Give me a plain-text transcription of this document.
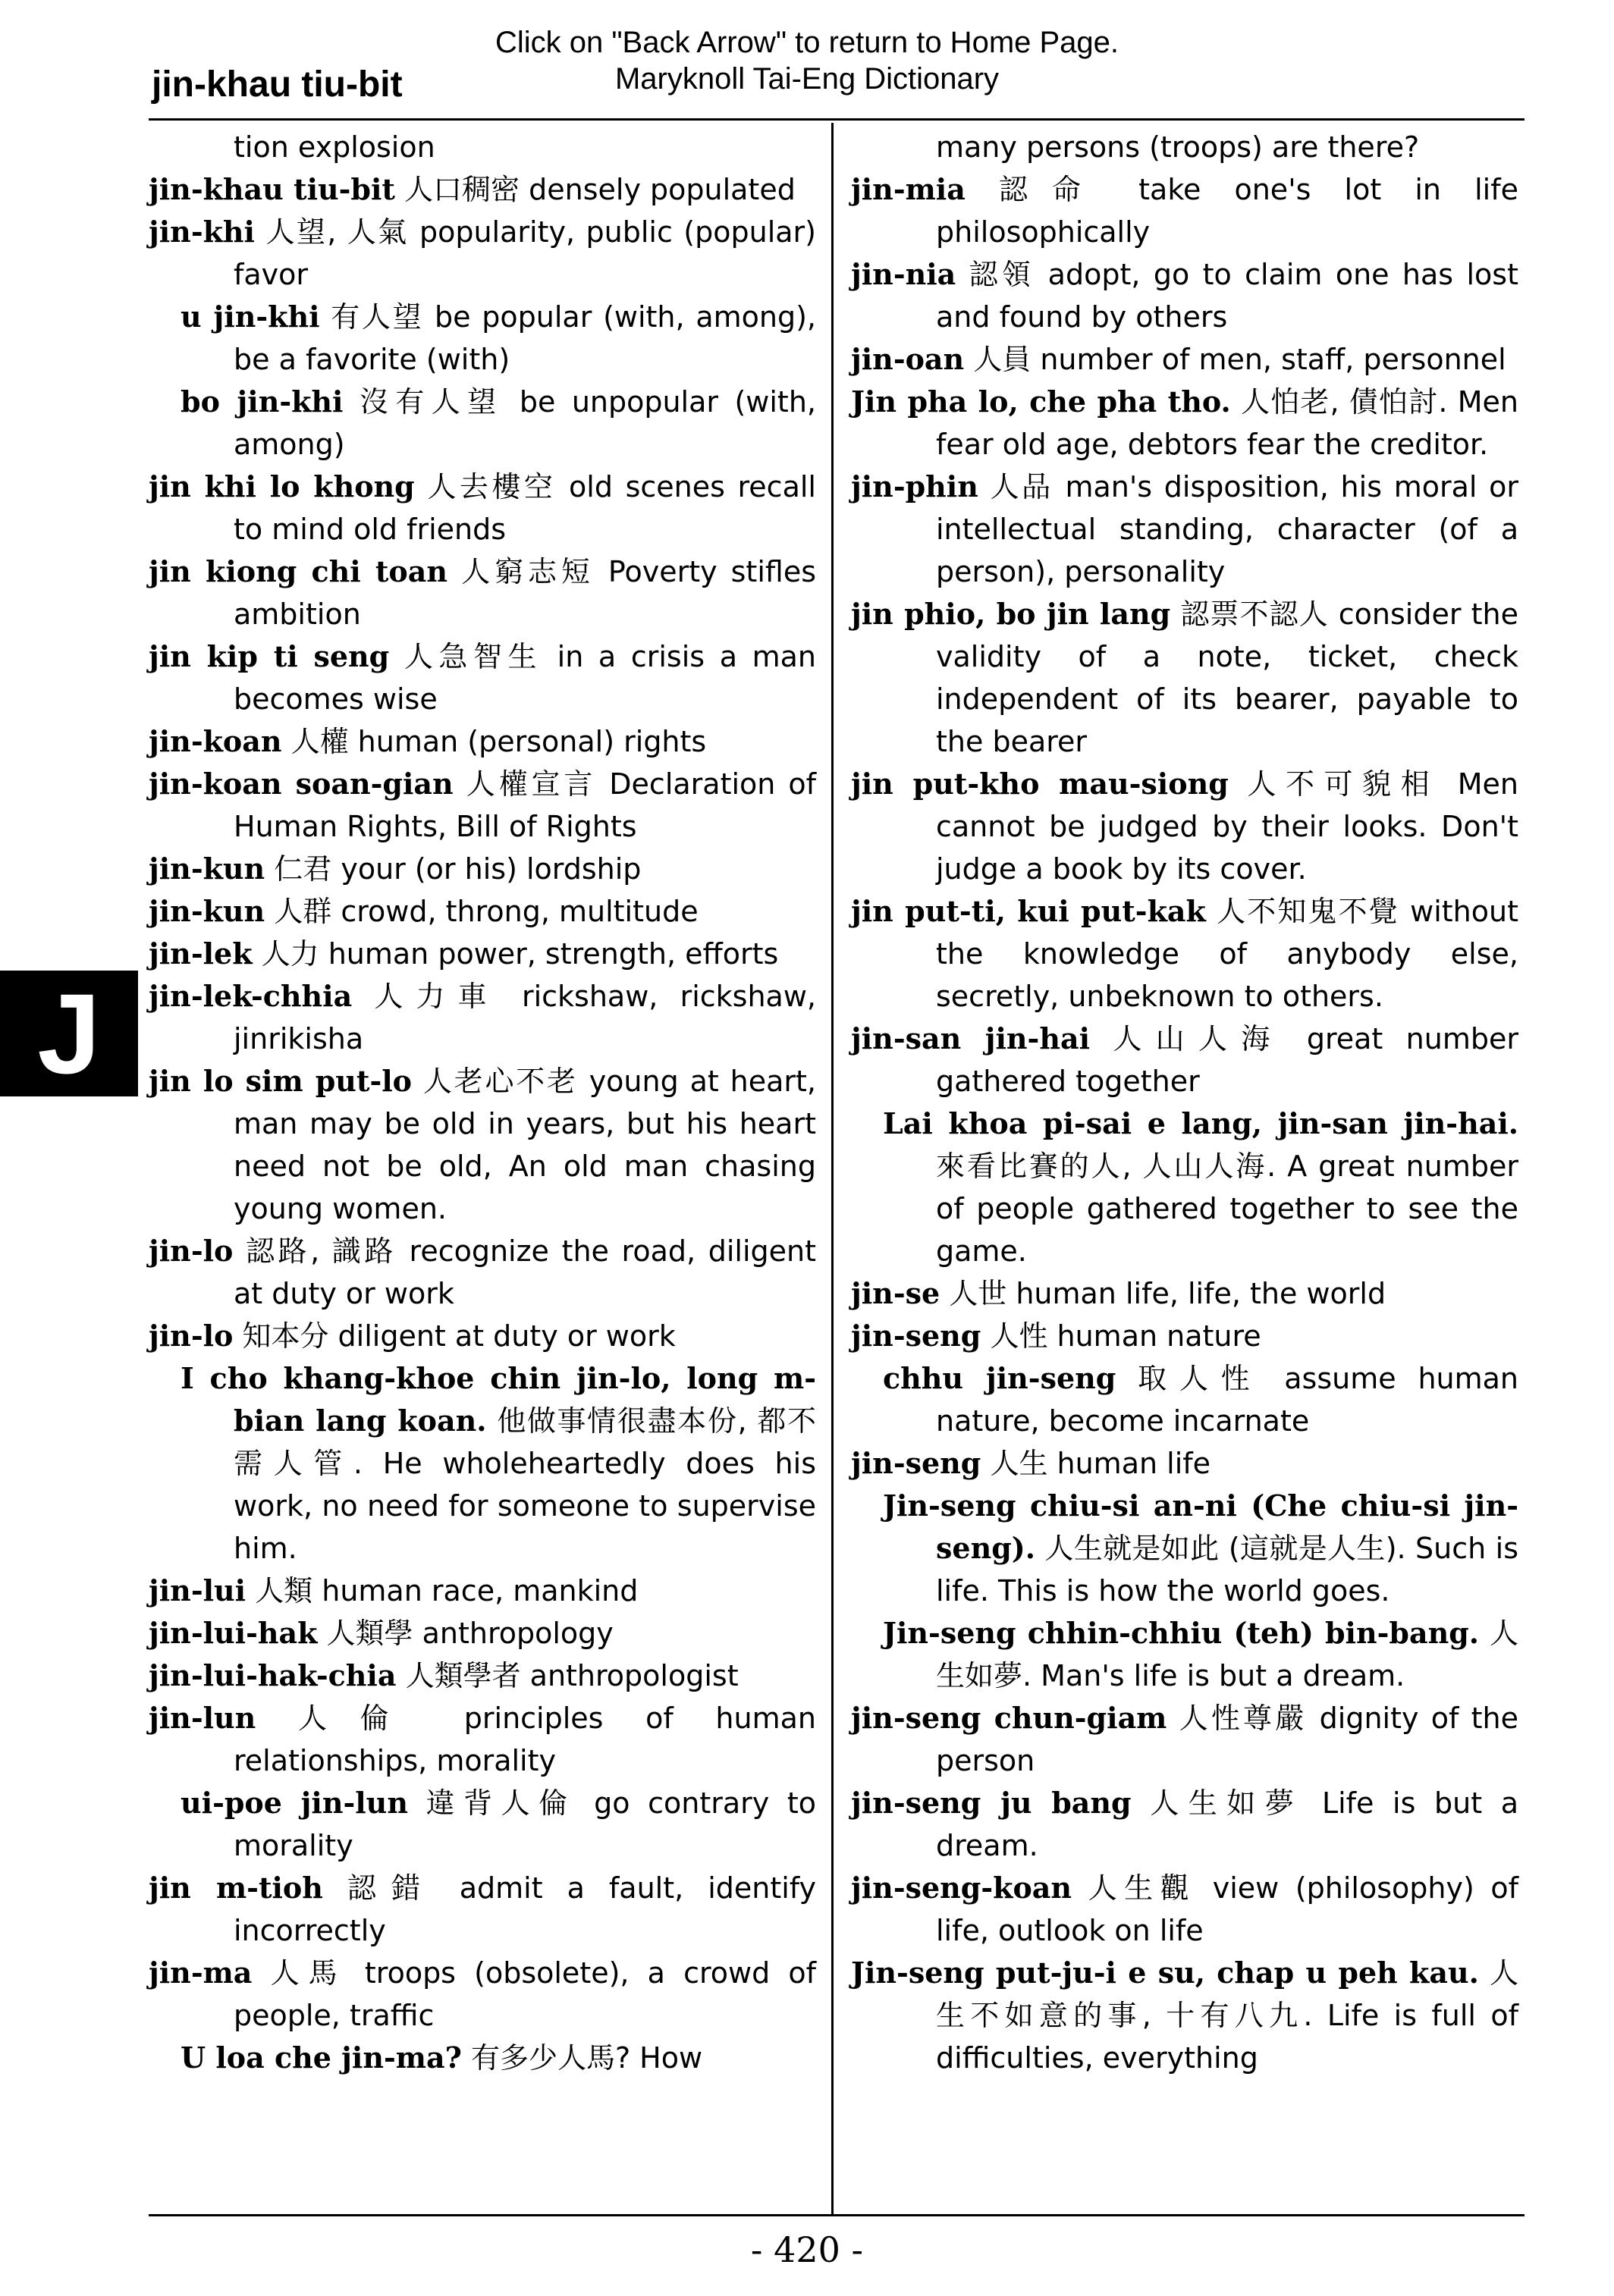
Click on "Back Arrow" to return to Home Page.
Maryknoll Tai-Eng Dictionary
jin-khau tiu-bit
J

tion explosion

jin-khau tiu-bit 人口稠密 densely populated

jin-khi 人望, 人氣 popularity, public (popular) favor

u jin-khi 有人望 be popular (with, among), be a favorite (with)

bo jin-khi 沒有人望 be unpopular (with, among)

jin khi lo khong 人去樓空 old scenes recall to mind old friends

jin kiong chi toan 人窮志短 Poverty stifles ambition

jin kip ti seng 人急智生 in a crisis a man becomes wise

jin-koan 人權 human (personal) rights

jin-koan soan-gian 人權宣言 Declaration of Human Rights, Bill of Rights

jin-kun 仁君 your (or his) lordship

jin-kun 人群 crowd, throng, multitude

jin-lek 人力 human power, strength, efforts

jin-lek-chhia 人力車 rickshaw, rickshaw, jinrikisha

jin lo sim put-lo 人老心不老 young at heart, man may be old in years, but his heart need not be old, An old man chasing young women.

jin-lo 認路, 識路 recognize the road, diligent at duty or work

jin-lo 知本分 diligent at duty or work

I cho khang-khoe chin jin-lo, long m-bian lang koan. 他做事情很盡本份, 都不需人管. He wholeheartedly does his work, no need for someone to supervise him.

jin-lui 人類 human race, mankind

jin-lui-hak 人類學 anthropology

jin-lui-hak-chia 人類學者 anthropologist

jin-lun 人倫 principles of human relationships, morality

ui-poe jin-lun 違背人倫 go contrary to morality

jin m-tioh 認錯 admit a fault, identify incorrectly

jin-ma 人馬 troops (obsolete), a crowd of people, traffic

U loa che jin-ma? 有多少人馬? How

many persons (troops) are there?

jin-mia 認命 take one's lot in life philosophically

jin-nia 認領 adopt, go to claim one has lost and found by others

jin-oan 人員 number of men, staff, personnel

Jin pha lo, che pha tho. 人怕老, 債怕討. Men fear old age, debtors fear the creditor.

jin-phin 人品 man's disposition, his moral or intellectual standing, character (of a person), personality

jin phio, bo jin lang 認票不認人 consider the validity of a note, ticket, check independent of its bearer, payable to the bearer

jin put-kho mau-siong 人不可貌相 Men cannot be judged by their looks. Don't judge a book by its cover.

jin put-ti, kui put-kak 人不知鬼不覺 without the knowledge of anybody else, secretly, unbeknown to others.

jin-san jin-hai 人山人海 great number gathered together

Lai khoa pi-sai e lang, jin-san jin-hai. 來看比賽的人, 人山人海. A great number of people gathered together to see the game.

jin-se 人世 human life, life, the world

jin-seng 人性 human nature

chhu jin-seng 取人性 assume human nature, become incarnate

jin-seng 人生 human life

Jin-seng chiu-si an-ni (Che chiu-si jin-seng). 人生就是如此 (這就是人生). Such is life. This is how the world goes.

Jin-seng chhin-chhiu (teh) bin-bang. 人生如夢. Man's life is but a dream.

jin-seng chun-giam 人性尊嚴 dignity of the person

jin-seng ju bang 人生如夢 Life is but a dream.

jin-seng-koan 人生觀 view (philosophy) of life, outlook on life

Jin-seng put-ju-i e su, chap u peh kau. 人生不如意的事, 十有八九. Life is full of difficulties, everything

- 420 -
